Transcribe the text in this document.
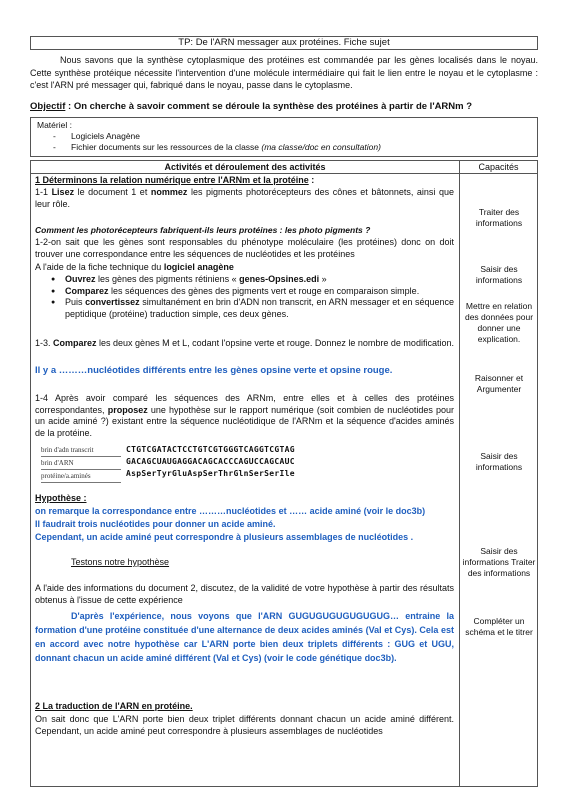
TP: De l'ARN messager aux protéines. Fiche sujet

Nous savons que la synthèse cytoplasmique des protéines est commandée par les gènes localisés dans le noyau. Cette synthèse protéique nécessite l'intervention d'une molécule intermédiaire qui fait le lien entre le noyau et le cytoplasme : c'est l'ARN pré messager qui, fabriqué dans le noyau, passe dans le cytoplasme.

Objectif : On cherche à savoir comment se déroule la synthèse des protéines à partir de l'ARNm ?
Matériel :
- Logiciels Anagène
- Fichier documents sur les ressources de la classe (ma classe/doc en consultation)
Activités et déroulement des activités	Capacités
1 Déterminons la relation numérique entre l'ARNm et la protéine :
1-1 Lisez le document 1 et nommez les pigments photorécepteurs des cônes et bâtonnets, ainsi que leur rôle.
Comment les photorécepteurs fabriquent-ils leurs protéines : les photo pigments ?
1-2-on sait que les gènes sont responsables du phénotype moléculaire (les protéines) donc on doit trouver une correspondance entre les séquences de nucléotides et les protéines
A l'aide de la fiche technique du logiciel anagène
● Ouvrez les gènes des pigments rétiniens « genes-Opsines.edi »
● Comparez les séquences des gènes des pigments vert et rouge en comparaison simple.
● Puis convertissez simultanément en brin d'ADN non transcrit, en ARN messager et en séquence peptidique (protéine) traduction simple, ces deux gènes.
1-3. Comparez les deux gènes M et L, codant l'opsine verte et rouge. Donnez le nombre de modification.
Il y a ………nucléotides différents entre les gènes opsine verte et opsine rouge.
1-4 Après avoir comparé les séquences des ARNm, entre elles et à celles des protéines correspondantes, proposez une hypothèse sur le rapport numérique (soit combien de nucléotides pour un acide aminé ?) existant entre la séquence nucléotidique de l'ARNm et la séquence d'acides aminés de la protéine.
brin d'adn transcrit
brin d'ARN
protéine/a.aminés
CTGTCGATACTCCTGTCGTGGGTCAGGTCGTAG
GACAGCUAUGAGGACAGCACCCAGUCCAGCAUC
AspSerTyrGluAspSerThrGlnSerSerIle
Hypothèse :
on remarque la correspondance entre ………nucléotides et …… acide aminé (voir le doc3b)
Il faudrait trois nucléotides pour donner un acide aminé.
Cependant, un acide aminé peut correspondre à plusieurs assemblages de nucléotides .
Testons notre hypothèse
A l'aide des informations du document 2, discutez, de la validité de votre hypothèse à partir des résultats obtenus à l'issue de cette expérience
D'après l'expérience, nous voyons que l'ARN GUGUGUGUGUGUGUG… entraine la formation d'une protéine constituée d'une alternance de deux acides aminés (Val et Cys). Cela est en accord avec notre hypothèse car L'ARN porte bien deux triplets différents : GUG et UGU, donnant chacun un acide aminé différent (Val et Cys) (voir le code génétique doc3b).
2 La traduction de l'ARN en protéine.
On sait donc que L'ARN porte bien deux triplet différents donnant chacun un acide aminé différent. Cependant, un acide aminé peut correspondre à plusieurs assemblages de nucléotides
Traiter des informations
Saisir des informations
Mettre en relation des données pour donner une explication.
Raisonner et Argumenter
Saisir des informations
Saisir des informations Traiter des informations
Compléter un schéma et le titrer
